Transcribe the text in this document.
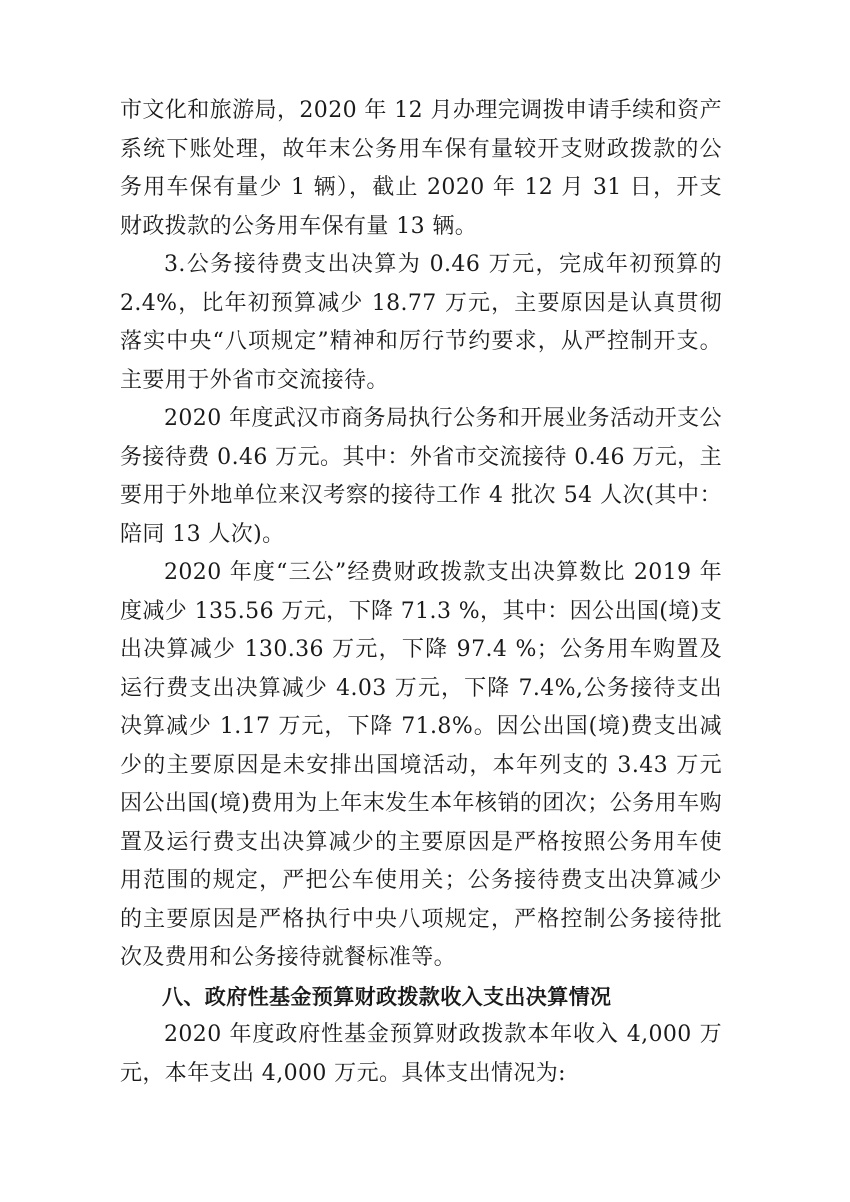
市文化和旅游局，2020 年 12 月办理完调拨申请手续和资产系统下账处理，故年末公务用车保有量较开支财政拨款的公务用车保有量少 1 辆），截止 2020 年 12 月 31 日，开支财政拨款的公务用车保有量 13 辆。

3.公务接待费支出决算为 0.46 万元，完成年初预算的 2.4%，比年初预算减少 18.77 万元，主要原因是认真贯彻落实中央“八项规定”精神和厉行节约要求，从严控制开支。主要用于外省市交流接待。

2020 年度武汉市商务局执行公务和开展业务活动开支公务接待费 0.46 万元。其中：外省市交流接待 0.46 万元，主要用于外地单位来汉考察的接待工作 4 批次 54 人次(其中：陪同 13 人次)。

2020 年度“三公”经费财政拨款支出决算数比 2019 年度减少 135.56 万元，下降 71.3 %，其中：因公出国(境)支出决算减少 130.36 万元，下降 97.4 %；公务用车购置及运行费支出决算减少 4.03 万元，下降 7.4%,公务接待支出决算减少 1.17 万元，下降 71.8%。因公出国(境)费支出减少的主要原因是未安排出国境活动，本年列支的 3.43 万元因公出国(境)费用为上年末发生本年核销的团次；公务用车购置及运行费支出决算减少的主要原因是严格按照公务用车使用范围的规定，严把公车使用关；公务接待费支出决算减少的主要原因是严格执行中央八项规定，严格控制公务接待批次及费用和公务接待就餐标准等。

八、政府性基金预算财政拨款收入支出决算情况

2020 年度政府性基金预算财政拨款本年收入 4,000 万元，本年支出 4,000 万元。具体支出情况为:
